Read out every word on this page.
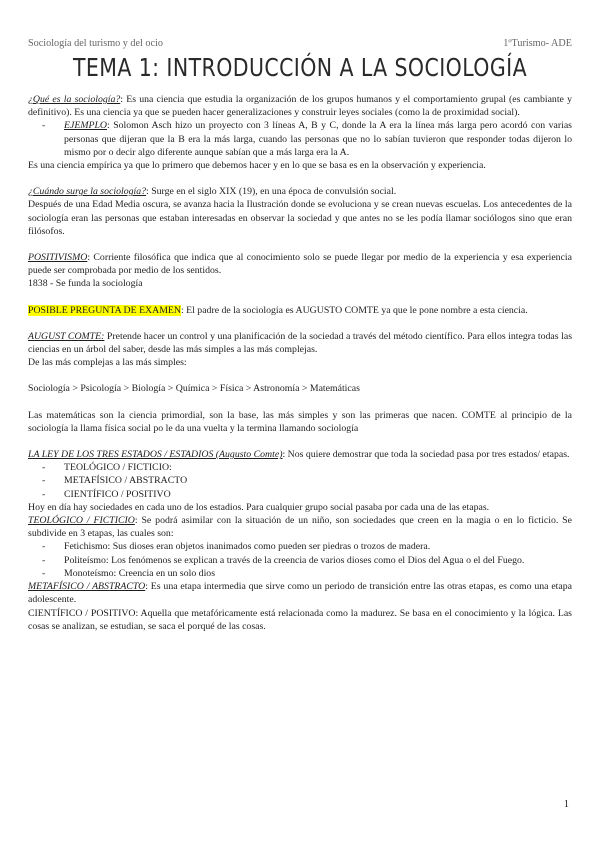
Sociología del turismo y del ocio	1ºTurismo- ADE
TEMA 1: INTRODUCCIÓN A LA SOCIOLOGÍA

¿Qué es la sociología?: Es una ciencia que estudia la organización de los grupos humanos y el comportamiento grupal (es cambiante y definitivo). Es una ciencia ya que se pueden hacer generalizaciones y construir leyes sociales (como la de proximidad social).

- EJEMPLO: Solomon Asch hizo un proyecto con 3 líneas A, B y C, donde la A era la línea más larga pero acordó con varias personas que dijeran que la B era la más larga, cuando las personas que no lo sabían tuvieron que responder todas dijeron lo mismo por o decir algo diferente aunque sabían que a más larga era la A.

Es una ciencia empírica ya que lo primero que debemos hacer y en lo que se basa es en la observación y experiencia.

¿Cuándo surge la sociología?: Surge en el siglo XIX (19), en una época de convulsión social.

Después de una Edad Media oscura, se avanza hacia la Ilustración donde se evoluciona y se crean nuevas escuelas. Los antecedentes de la sociología eran las personas que estaban interesadas en observar la sociedad y que antes no se les podía llamar sociólogos sino que eran filósofos.

POSITIVISMO: Corriente filosófica que indica que al conocimiento solo se puede llegar por medio de la experiencia y esa experiencia puede ser comprobada por medio de los sentidos.

1838 - Se funda la sociología

POSIBLE PREGUNTA DE EXAMEN: El padre de la sociología es AUGUSTO COMTE ya que le pone nombre a esta ciencia.

AUGUST COMTE: Pretende hacer un control y una planificación de la sociedad a través del método científico. Para ellos integra todas las ciencias en un árbol del saber, desde las más simples a las más complejas.

De las más complejas a las más simples:

Sociología > Psicología > Biología > Química > Física > Astronomía > Matemáticas

Las matemáticas son la ciencia primordial, son la base, las más simples y son las primeras que nacen. COMTE al principio de la sociología la llama física social po le da una vuelta y la termina llamando sociología

LA LEY DE LOS TRES ESTADOS / ESTADIOS (Augusto Comte): Nos quiere demostrar que toda la sociedad pasa por tres estados/ etapas.

- TEOLÓGICO / FICTICIO:
- METAFÍSICO / ABSTRACTO
- CIENTÍFICO / POSITIVO

Hoy en día hay sociedades en cada uno de los estadios. Para cualquier grupo social pasaba por cada una de las etapas.

TEOLÓGICO / FICTICIO: Se podrá asimilar con la situación de un niño, son sociedades que creen en la magia o en lo ficticio. Se subdivide en 3 etapas, las cuales son:

- Fetichismo: Sus dioses eran objetos inanimados como pueden ser piedras o trozos de madera.
- Politeísmo: Los fenómenos se explican a través de la creencia de varios dioses como el Dios del Agua o el del Fuego.
- Monoteísmo: Creencia en un solo dios

METAFÍSICO / ABSTRACTO: Es una etapa intermedia que sirve como un periodo de transición entre las otras etapas, es como una etapa adolescente.

CIENTÍFICO / POSITIVO: Aquella que metafóricamente está relacionada como la madurez. Se basa en el conocimiento y la lógica. Las cosas se analizan, se estudian, se saca el porqué de las cosas.

1
